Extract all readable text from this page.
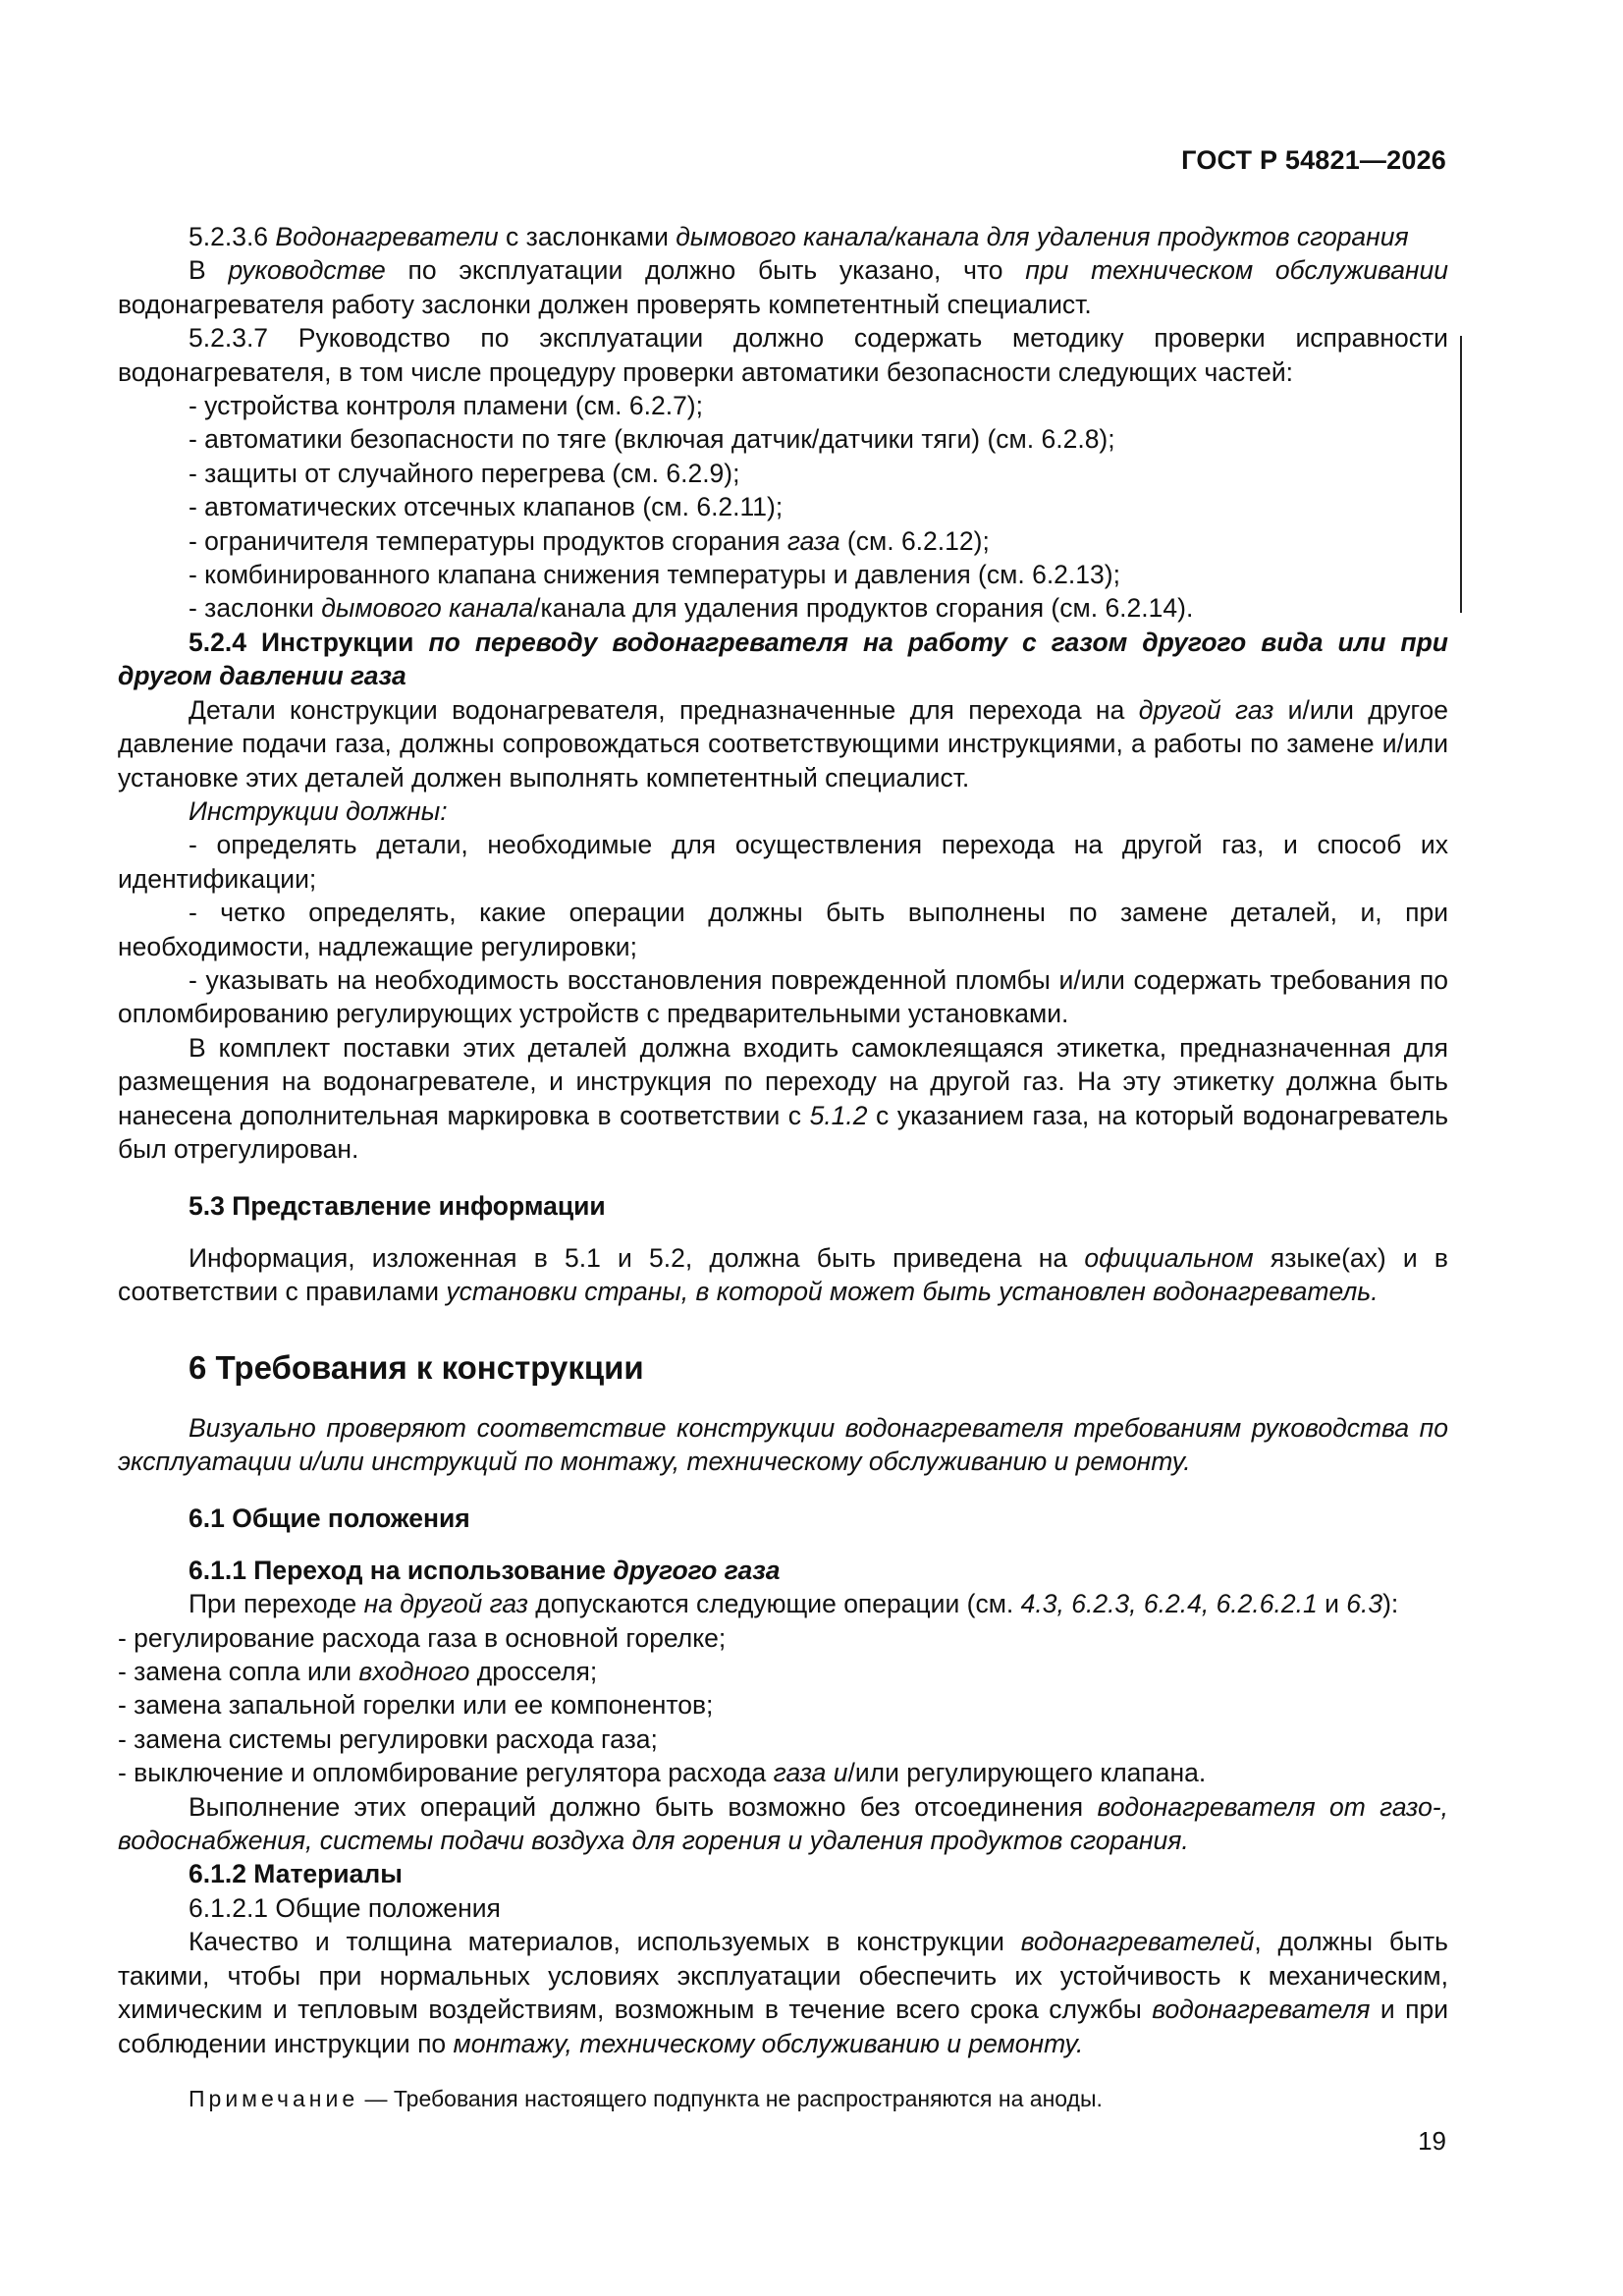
ГОСТ Р 54821—2026

5.2.3.6 Водонагреватели с заслонками дымового канала/канала для удаления продуктов сгорания

В руководстве по эксплуатации должно быть указано, что при техническом обслуживании водонагревателя работу заслонки должен проверять компетентный специалист.

5.2.3.7 Руководство по эксплуатации должно содержать методику проверки исправности водонагревателя, в том числе процедуру проверки автоматики безопасности следующих частей:

- устройства контроля пламени (см. 6.2.7);

- автоматики безопасности по тяге (включая датчик/датчики тяги) (см. 6.2.8);

- защиты от случайного перегрева (см. 6.2.9);

- автоматических отсечных клапанов (см. 6.2.11);

- ограничителя температуры продуктов сгорания газа (см. 6.2.12);

- комбинированного клапана снижения температуры и давления (см. 6.2.13);

- заслонки дымового канала/канала для удаления продуктов сгорания (см. 6.2.14).

5.2.4 Инструкции по переводу водонагревателя на работу с газом другого вида или при другом давлении газа

Детали конструкции водонагревателя, предназначенные для перехода на другой газ и/или другое давление подачи газа, должны сопровождаться соответствующими инструкциями, а работы по замене и/или установке этих деталей должен выполнять компетентный специалист.

Инструкции должны:

- определять детали, необходимые для осуществления перехода на другой газ, и способ их идентификации;

- четко определять, какие операции должны быть выполнены по замене деталей, и, при необходимости, надлежащие регулировки;

- указывать на необходимость восстановления поврежденной пломбы и/или содержать требования по опломбированию регулирующих устройств с предварительными установками.

В комплект поставки этих деталей должна входить самоклеящаяся этикетка, предназначенная для размещения на водонагревателе, и инструкция по переходу на другой газ. На эту этикетку должна быть нанесена дополнительная маркировка в соответствии с 5.1.2 с указанием газа, на который водонагреватель был отрегулирован.

5.3 Представление информации

Информация, изложенная в 5.1 и 5.2, должна быть приведена на официальном языке(ах) и в соответствии с правилами установки страны, в которой может быть установлен водонагреватель.

6 Требования к конструкции

Визуально проверяют соответствие конструкции водонагревателя требованиям руководства по эксплуатации и/или инструкций по монтажу, техническому обслуживанию и ремонту.

6.1 Общие положения

6.1.1 Переход на использование другого газа

При переходе на другой газ допускаются следующие операции (см. 4.3, 6.2.3, 6.2.4, 6.2.6.2.1 и 6.3):

- регулирование расхода газа в основной горелке;

- замена сопла или входного дросселя;

- замена запальной горелки или ее компонентов;

- замена системы регулировки расхода газа;

- выключение и опломбирование регулятора расхода газа и/или регулирующего клапана.

Выполнение этих операций должно быть возможно без отсоединения водонагревателя от газо-, водоснабжения, системы подачи воздуха для горения и удаления продуктов сгорания.

6.1.2 Материалы

6.1.2.1 Общие положения

Качество и толщина материалов, используемых в конструкции водонагревателей, должны быть такими, чтобы при нормальных условиях эксплуатации обеспечить их устойчивость к механическим, химическим и тепловым воздействиям, возможным в течение всего срока службы водонагревателя и при соблюдении инструкции по монтажу, техническому обслуживанию и ремонту.

Примечание — Требования настоящего подпункта не распространяются на аноды.

19
